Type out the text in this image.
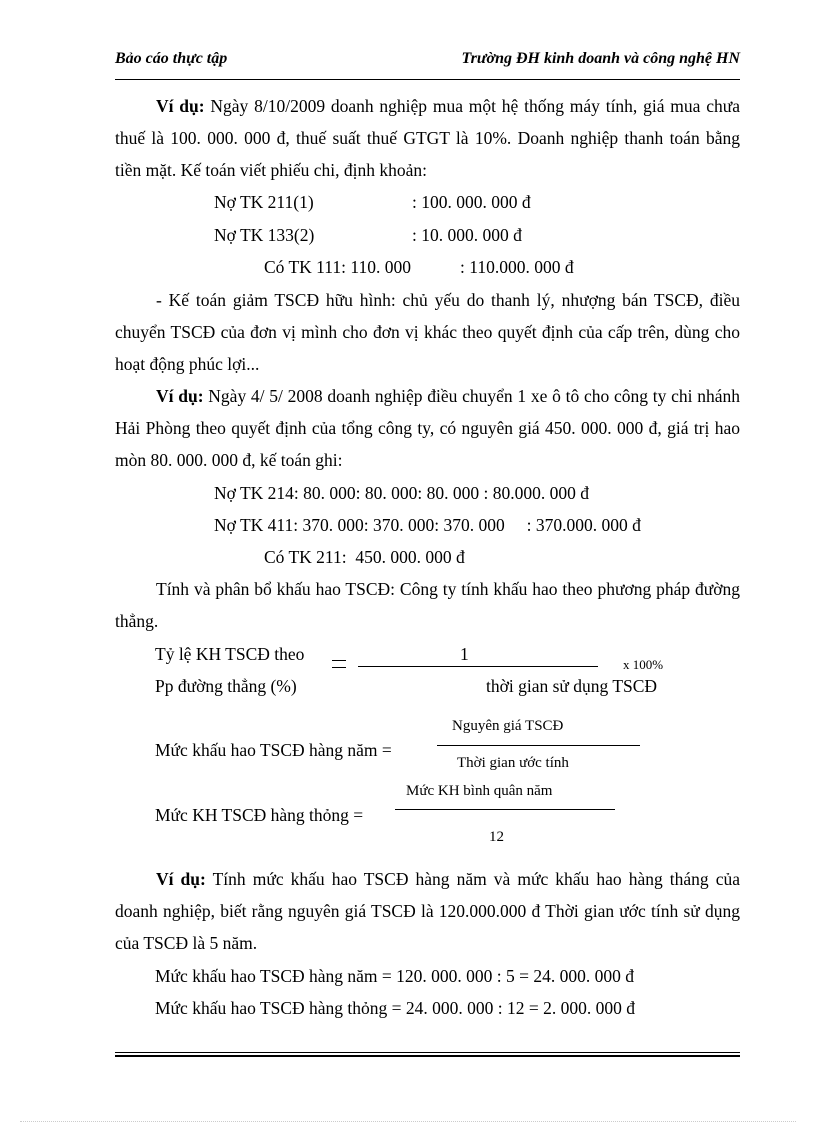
Bảo cáo thực tập	Trường ĐH kinh doanh và công nghệ HN
Ví dụ: Ngày 8/10/2009 doanh nghiệp mua một hệ thống máy tính, giá mua chưa thuế là 100. 000. 000 đ, thuế suất thuế GTGT là 10%. Doanh nghiệp thanh toán bằng tiền mặt. Kế toán viết phiếu chi, định khoản:
Nợ TK 211(1)	: 100. 000. 000 đ
Nợ TK 133(2)	: 10. 000. 000 đ
Có TK 111: 110. 000	: 110.000. 000 đ
- Kế toán giảm TSCĐ hữu hình: chủ yếu do thanh lý, nhượng bán TSCĐ, điều chuyển TSCĐ của đơn vị mình cho đơn vị khác theo quyết định của cấp trên, dùng cho hoạt động phúc lợi...
Ví dụ: Ngày 4/ 5/ 2008 doanh nghiệp điều chuyển 1 xe ô tô cho công ty chi nhánh Hải Phòng theo quyết định của tổng công ty, có nguyên giá 450. 000. 000 đ, giá trị hao mòn 80. 000. 000 đ, kế toán ghi:
Nợ TK 214: 80. 000: 80. 000: 80. 000 : 80.000. 000 đ
Nợ TK 411: 370. 000: 370. 000: 370. 000     : 370.000. 000 đ
Có TK 211:  450. 000. 000 đ
Tính và phân bổ khấu hao TSCĐ: Công ty tính khấu hao theo phương pháp đường thẳng.
Tỷ lệ KH TSCĐ theo
Pp đường thẳng (%)
1
thời gian sử dụng TSCĐ
x 100%
Mức khấu hao TSCĐ hàng năm =
Nguyên giá TSCĐ
Thời gian ước tính
Mức KH TSCĐ hàng thỏng =
Mức KH bình quân năm
12
Ví dụ: Tính mức khấu hao TSCĐ hàng năm và mức khấu hao hàng tháng của doanh nghiệp, biết rằng nguyên giá TSCĐ là 120.000.000 đ Thời gian ước tính sử dụng của TSCĐ là 5 năm.
Mức khấu hao TSCĐ hàng năm = 120. 000. 000 : 5 = 24. 000. 000 đ
Mức khấu hao TSCĐ hàng thỏng = 24. 000. 000 : 12 = 2. 000. 000 đ
